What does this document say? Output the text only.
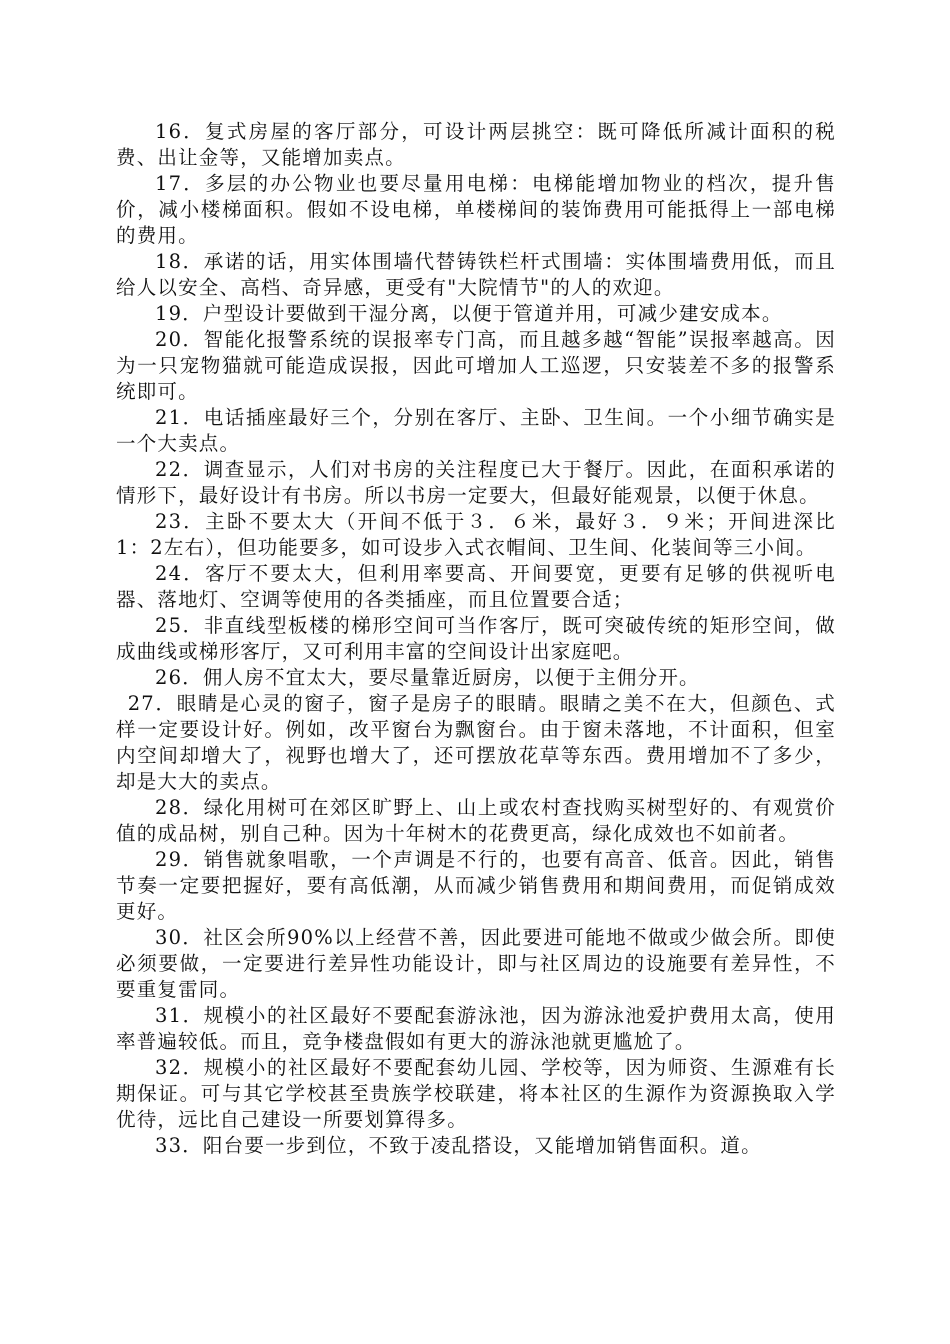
16．复式房屋的客厅部分，可设计两层挑空：既可降低所减计面积的税费、出让金等，又能增加卖点。

17．多层的办公物业也要尽量用电梯：电梯能增加物业的档次，提升售价，减小楼梯面积。假如不设电梯，单楼梯间的装饰费用可能抵得上一部电梯的费用。

18．承诺的话，用实体围墙代替铸铁栏杆式围墙：实体围墙费用低，而且给人以安全、高档、奇异感，更受有"大院情节"的人的欢迎。

19．户型设计要做到干湿分离，以便于管道并用，可减少建安成本。

20．智能化报警系统的误报率专门高，而且越多越“智能”误报率越高。因为一只宠物猫就可能造成误报，因此可增加人工巡逻，只安装差不多的报警系统即可。

21．电话插座最好三个，分别在客厅、主卧、卫生间。一个小细节确实是一个大卖点。

22．调查显示，人们对书房的关注程度已大于餐厅。因此，在面积承诺的情形下，最好设计有书房。所以书房一定要大，但最好能观景，以便于休息。

23．主卧不要太大（开间不低于３．６米，最好３．９米；开间进深比1：2左右），但功能要多，如可设步入式衣帽间、卫生间、化装间等三小间。

24．客厅不要太大，但利用率要高、开间要宽，更要有足够的供视听电器、落地灯、空调等使用的各类插座，而且位置要合适；

25．非直线型板楼的梯形空间可当作客厅，既可突破传统的矩形空间，做成曲线或梯形客厅，又可利用丰富的空间设计出家庭吧。

26．佣人房不宜太大，要尽量靠近厨房，以便于主佣分开。

27．眼睛是心灵的窗子，窗子是房子的眼睛。眼睛之美不在大，但颜色、式样一定要设计好。例如，改平窗台为飘窗台。由于窗未落地，不计面积，但室内空间却增大了，视野也增大了，还可摆放花草等东西。费用增加不了多少，却是大大的卖点。

28．绿化用树可在郊区旷野上、山上或农村查找购买树型好的、有观赏价值的成品树，别自己种。因为十年树木的花费更高，绿化成效也不如前者。

29．销售就象唱歌，一个声调是不行的，也要有高音、低音。因此，销售节奏一定要把握好，要有高低潮，从而减少销售费用和期间费用，而促销成效更好。

30．社区会所90%以上经营不善，因此要进可能地不做或少做会所。即使必须要做，一定要进行差异性功能设计，即与社区周边的设施要有差异性，不要重复雷同。

31．规模小的社区最好不要配套游泳池，因为游泳池爱护费用太高，使用率普遍较低。而且，竞争楼盘假如有更大的游泳池就更尴尬了。

32．规模小的社区最好不要配套幼儿园、学校等，因为师资、生源难有长期保证。可与其它学校甚至贵族学校联建，将本社区的生源作为资源换取入学优待，远比自己建设一所要划算得多。

33．阳台要一步到位，不致于凌乱搭设，又能增加销售面积。道。
